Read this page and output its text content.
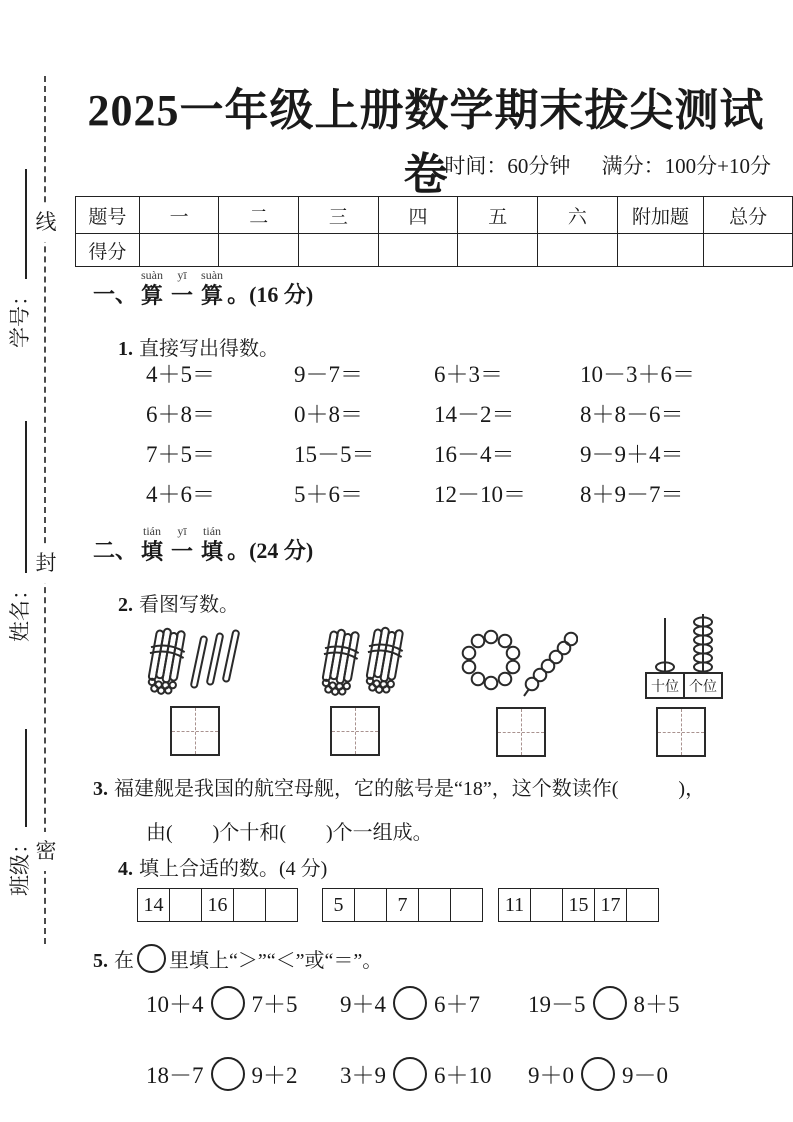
线
封
密
学号：
姓名：
班级：
2025一年级上册数学期末拔尖测试卷
时间：60分钟 满分：100分+10分
题号	一	二	三	四	五	六	附加题	总分
得分								
一、
suàn
算
yī
一
suàn
算 。(16 分)
1. 直接写出得数。
4＋5＝	9－7＝	6＋3＝	10－3＋6＝
6＋8＝	0＋8＝	14－2＝	8＋8－6＝
7＋5＝	15－5＝	16－4＝	9－9＋4＝
4＋6＝	5＋6＝	12－10＝	8＋9－7＝
二、
tián
填
yī
一
tián
填 。(24 分)
2. 看图写数。
十位 个位
3. 福建舰是我国的航空母舰，它的舷号是“18”，这个数读作(　　　)，
由(　　)个十和(　　)个一组成。
4. 填上合适的数。(4 分)
14		16			5		7			11		15	17	
5. 在 里填上“＞”“＜”或“＝”。
10＋4 7＋5	9＋4 6＋7	19－5 8＋5
18－7 9＋2	3＋9 6＋10	9＋0 9－0
